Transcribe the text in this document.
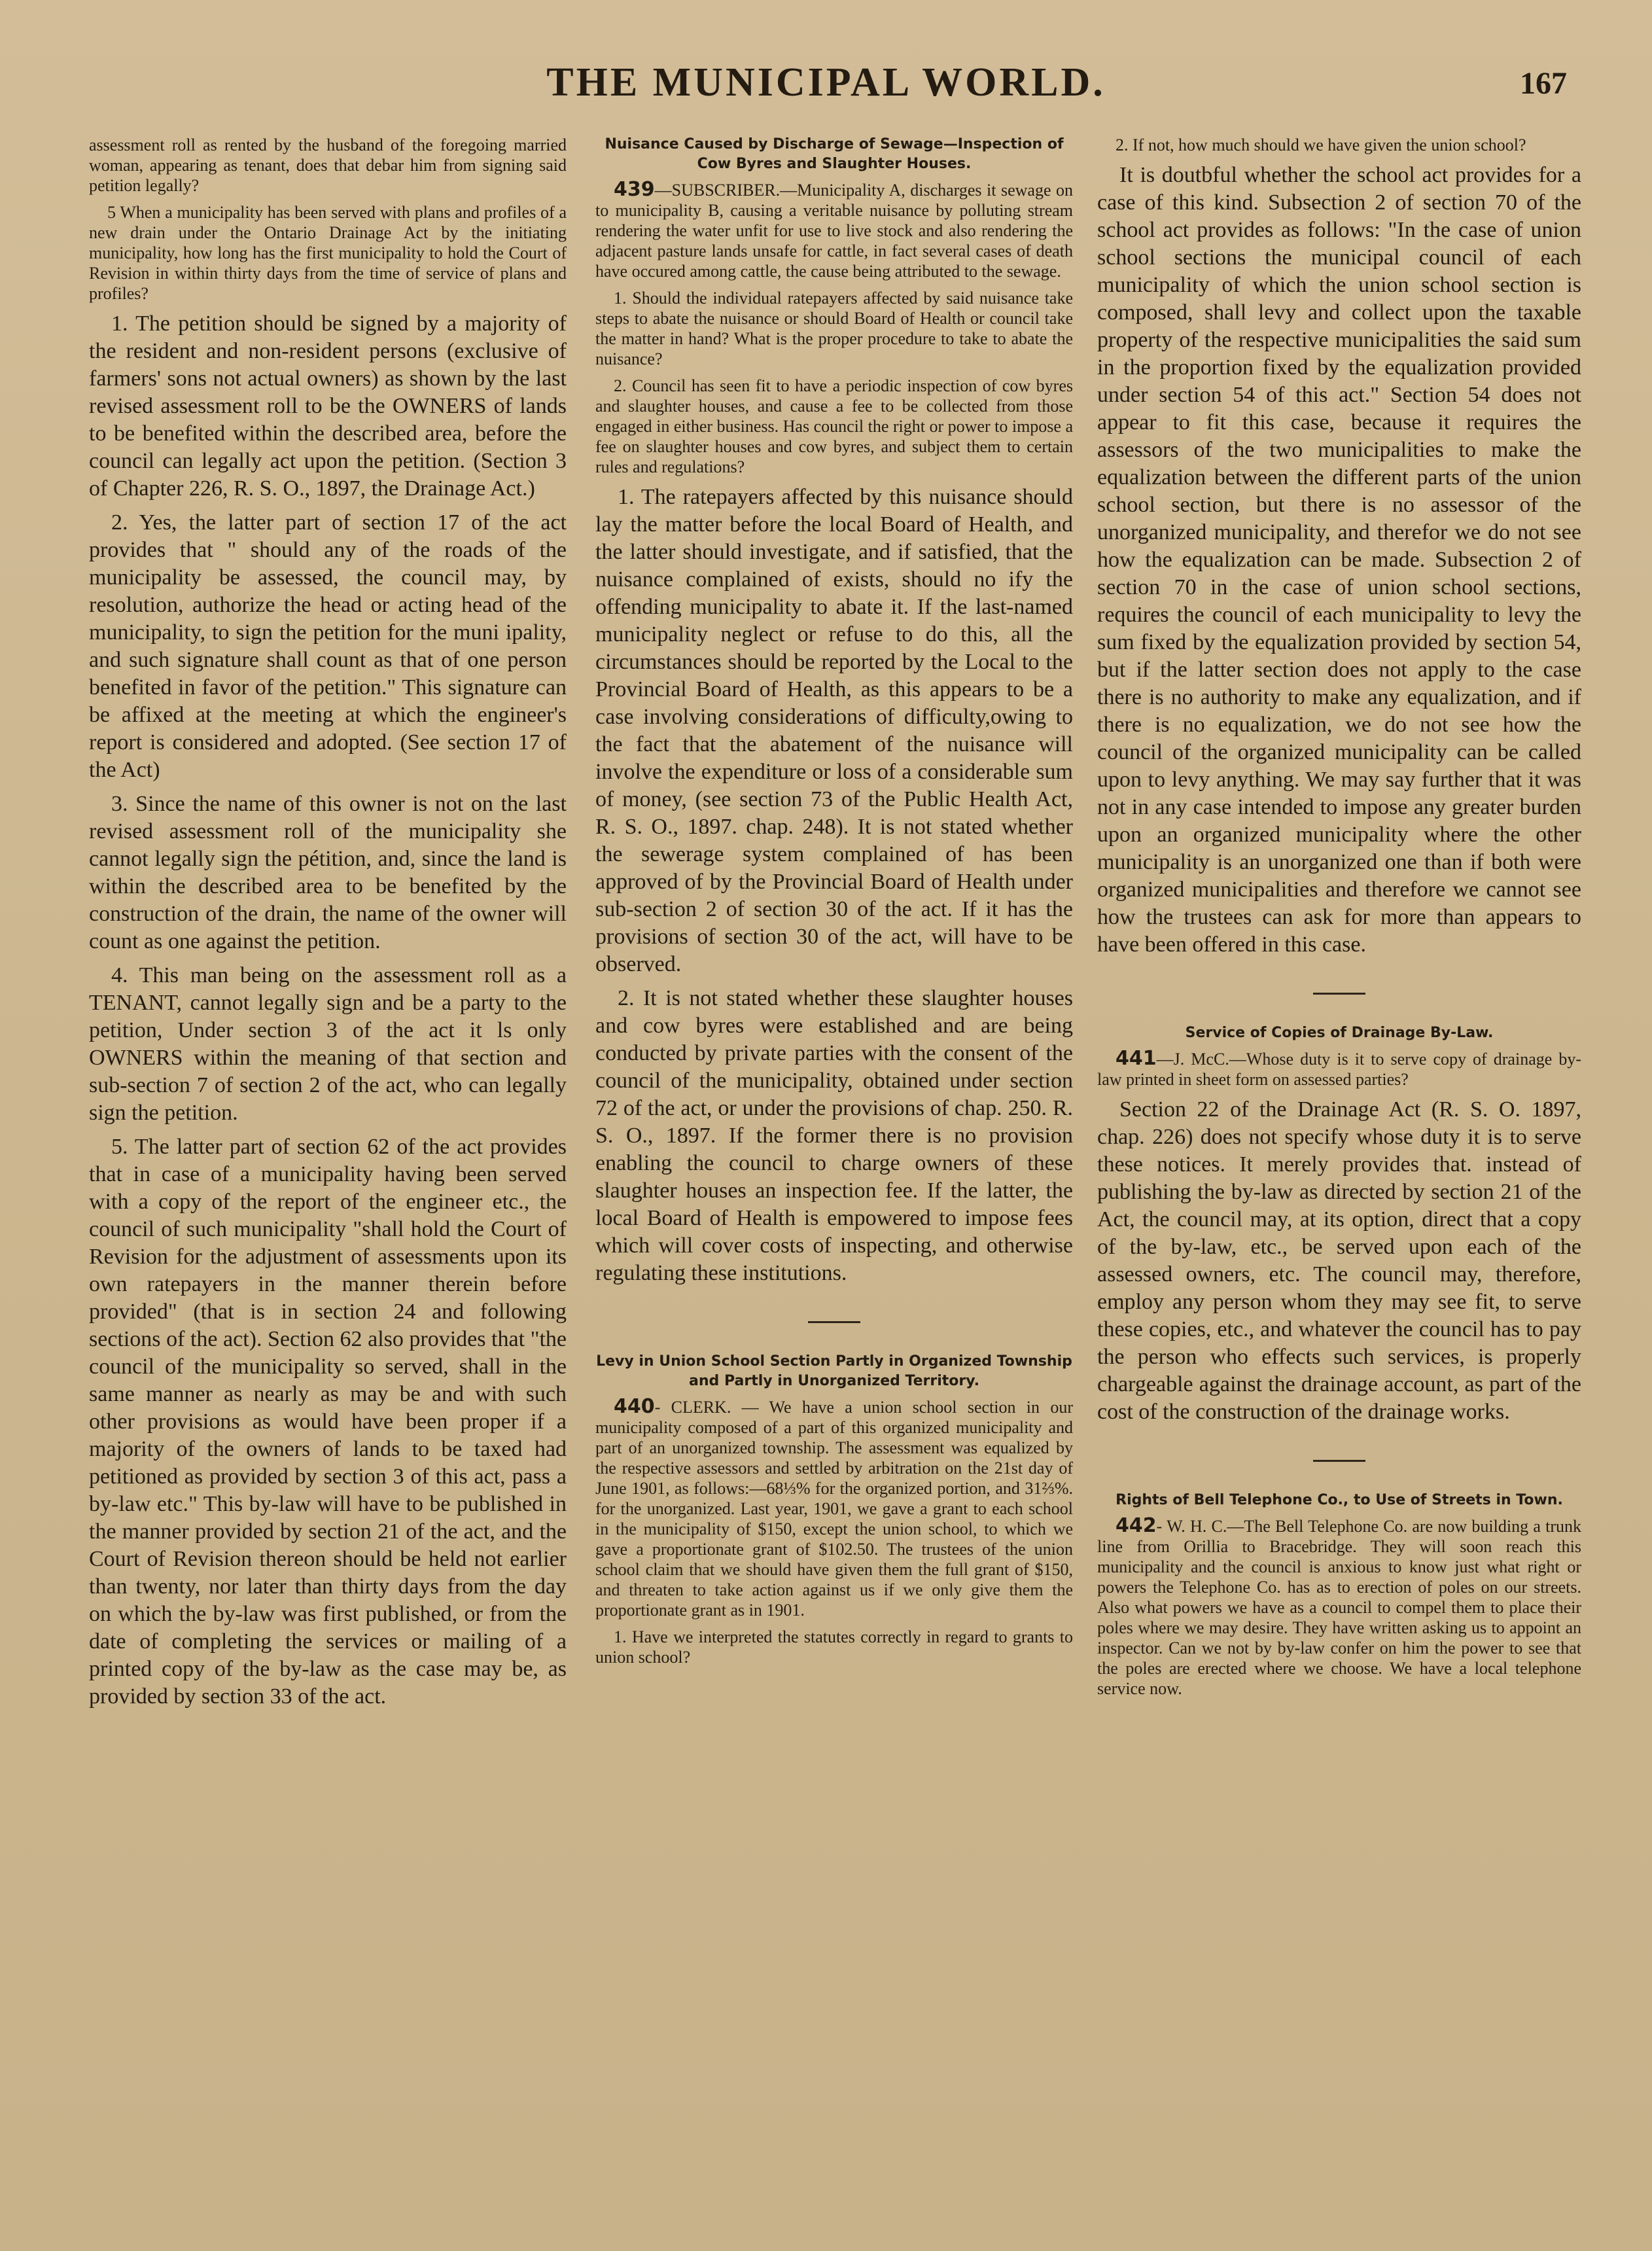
THE MUNICIPAL WORLD.	167

assessment roll as rented by the husband of the foregoing married woman, appearing as tenant, does that debar him from signing said petition legally?

5 When a municipality has been served with plans and profiles of a new drain under the Ontario Drainage Act by the initiating municipality, how long has the first municipality to hold the Court of Revision in within thirty days from the time of service of plans and profiles?

1. The petition should be signed by a majority of the resident and non-resident persons (exclusive of farmers' sons not actual owners) as shown by the last revised assessment roll to be the OWNERS of lands to be benefited within the described area, before the council can legally act upon the petition. (Section 3 of Chapter 226, R. S. O., 1897, the Drainage Act.)

2. Yes, the latter part of section 17 of the act provides that " should any of the roads of the municipality be assessed, the council may, by resolution, authorize the head or acting head of the municipality, to sign the petition for the muni ipality, and such signature shall count as that of one person benefited in favor of the petition." This signature can be affixed at the meeting at which the engineer's report is considered and adopted. (See section 17 of the Act)

3. Since the name of this owner is not on the last revised assessment roll of the municipality she cannot legally sign the pétition, and, since the land is within the described area to be benefited by the construction of the drain, the name of the owner will count as one against the petition.

4. This man being on the assessment roll as a TENANT, cannot legally sign and be a party to the petition, Under section 3 of the act it ls only OWNERS within the meaning of that section and sub-section 7 of section 2 of the act, who can legally sign the petition.

5. The latter part of section 62 of the act provides that in case of a municipality having been served with a copy of the report of the engineer etc., the council of such municipality "shall hold the Court of Revision for the adjustment of assessments upon its own ratepayers in the manner therein before provided" (that is in section 24 and following sections of the act). Section 62 also provides that "the council of the municipality so served, shall in the same manner as nearly as may be and with such other provisions as would have been proper if a majority of the owners of lands to be taxed had petitioned as provided by section 3 of this act, pass a by-law etc." This by-law will have to be published in the manner provided by section 21 of the act, and the Court of Revision thereon should be held not earlier than twenty, nor later than thirty days from the day on which the by-law was first published, or from the date of completing the services or mailing of a printed copy of the by-law as the case may be, as provided by section 33 of the act.

Nuisance Caused by Discharge of Sewage—Inspection of Cow Byres and Slaughter Houses.

439—SUBSCRIBER.—Municipality A, discharges it sewage on to municipality B, causing a veritable nuisance by polluting stream rendering the water unfit for use to live stock and also rendering the adjacent pasture lands unsafe for cattle, in fact several cases of death have occured among cattle, the cause being attributed to the sewage.

1. Should the individual ratepayers affected by said nuisance take steps to abate the nuisance or should Board of Health or council take the matter in hand? What is the proper procedure to take to abate the nuisance?

2. Council has seen fit to have a periodic inspection of cow byres and slaughter houses, and cause a fee to be collected from those engaged in either business. Has council the right or power to impose a fee on slaughter houses and cow byres, and subject them to certain rules and regulations?

1. The ratepayers affected by this nuisance should lay the matter before the local Board of Health, and the latter should investigate, and if satisfied, that the nuisance complained of exists, should no ify the offending municipality to abate it. If the last-named municipality neglect or refuse to do this, all the circumstances should be reported by the Local to the Provincial Board of Health, as this appears to be a case involving considerations of difficulty,owing to the fact that the abatement of the nuisance will involve the expenditure or loss of a considerable sum of money, (see section 73 of the Public Health Act, R. S. O., 1897. chap. 248). It is not stated whether the sewerage system complained of has been approved of by the Provincial Board of Health under sub-section 2 of section 30 of the act. If it has the provisions of section 30 of the act, will have to be observed.

2. It is not stated whether these slaughter houses and cow byres were established and are being conducted by private parties with the consent of the council of the municipality, obtained under section 72 of the act, or under the provisions of chap. 250. R. S. O., 1897. If the former there is no provision enabling the council to charge owners of these slaughter houses an inspection fee. If the latter, the local Board of Health is empowered to impose fees which will cover costs of inspecting, and otherwise regulating these institutions.

Levy in Union School Section Partly in Organized Township and Partly in Unorganized Territory.

440- CLERK. — We have a union school section in our municipality composed of a part of this organized municipality and part of an unorganized township. The assessment was equalized by the respective assessors and settled by arbitration on the 21st day of June 1901, as follows:—68⅓% for the organized portion, and 31⅔%. for the unorganized. Last year, 1901, we gave a grant to each school in the municipality of $150, except the union school, to which we gave a proportionate grant of $102.50. The trustees of the union school claim that we should have given them the full grant of $150, and threaten to take action against us if we only give them the proportionate grant as in 1901.

1. Have we interpreted the statutes correctly in regard to grants to union school?

2. If not, how much should we have given the union school?

It is doutbful whether the school act provides for a case of this kind. Subsection 2 of section 70 of the school act provides as follows: "In the case of union school sections the municipal council of each municipality of which the union school section is composed, shall levy and collect upon the taxable property of the respective municipalities the said sum in the proportion fixed by the equalization provided under section 54 of this act." Section 54 does not appear to fit this case, because it requires the assessors of the two municipalities to make the equalization between the different parts of the union school section, but there is no assessor of the unorganized municipality, and therefor we do not see how the equalization can be made. Subsection 2 of section 70 in the case of union school sections, requires the council of each municipality to levy the sum fixed by the equalization provided by section 54, but if the latter section does not apply to the case there is no authority to make any equalization, and if there is no equalization, we do not see how the council of the organized municipality can be called upon to levy anything. We may say further that it was not in any case intended to impose any greater burden upon an organized municipality where the other municipality is an unorganized one than if both were organized municipalities and therefore we cannot see how the trustees can ask for more than appears to have been offered in this case.

Service of Copies of Drainage By-Law.

441—J. McC.—Whose duty is it to serve copy of drainage by-law printed in sheet form on assessed parties?

Section 22 of the Drainage Act (R. S. O. 1897, chap. 226) does not specify whose duty it is to serve these notices. It merely provides that. instead of publishing the by-law as directed by section 21 of the Act, the council may, at its option, direct that a copy of the by-law, etc., be served upon each of the assessed owners, etc. The council may, therefore, employ any person whom they may see fit, to serve these copies, etc., and whatever the council has to pay the person who effects such services, is properly chargeable against the drainage account, as part of the cost of the construction of the drainage works.

Rights of Bell Telephone Co., to Use of Streets in Town.

442- W. H. C.—The Bell Telephone Co. are now building a trunk line from Orillia to Bracebridge. They will soon reach this municipality and the council is anxious to know just what right or powers the Telephone Co. has as to erection of poles on our streets. Also what powers we have as a council to compel them to place their poles where we may desire. They have written asking us to appoint an inspector. Can we not by by-law confer on him the power to see that the poles are erected where we choose. We have a local telephone service now.
